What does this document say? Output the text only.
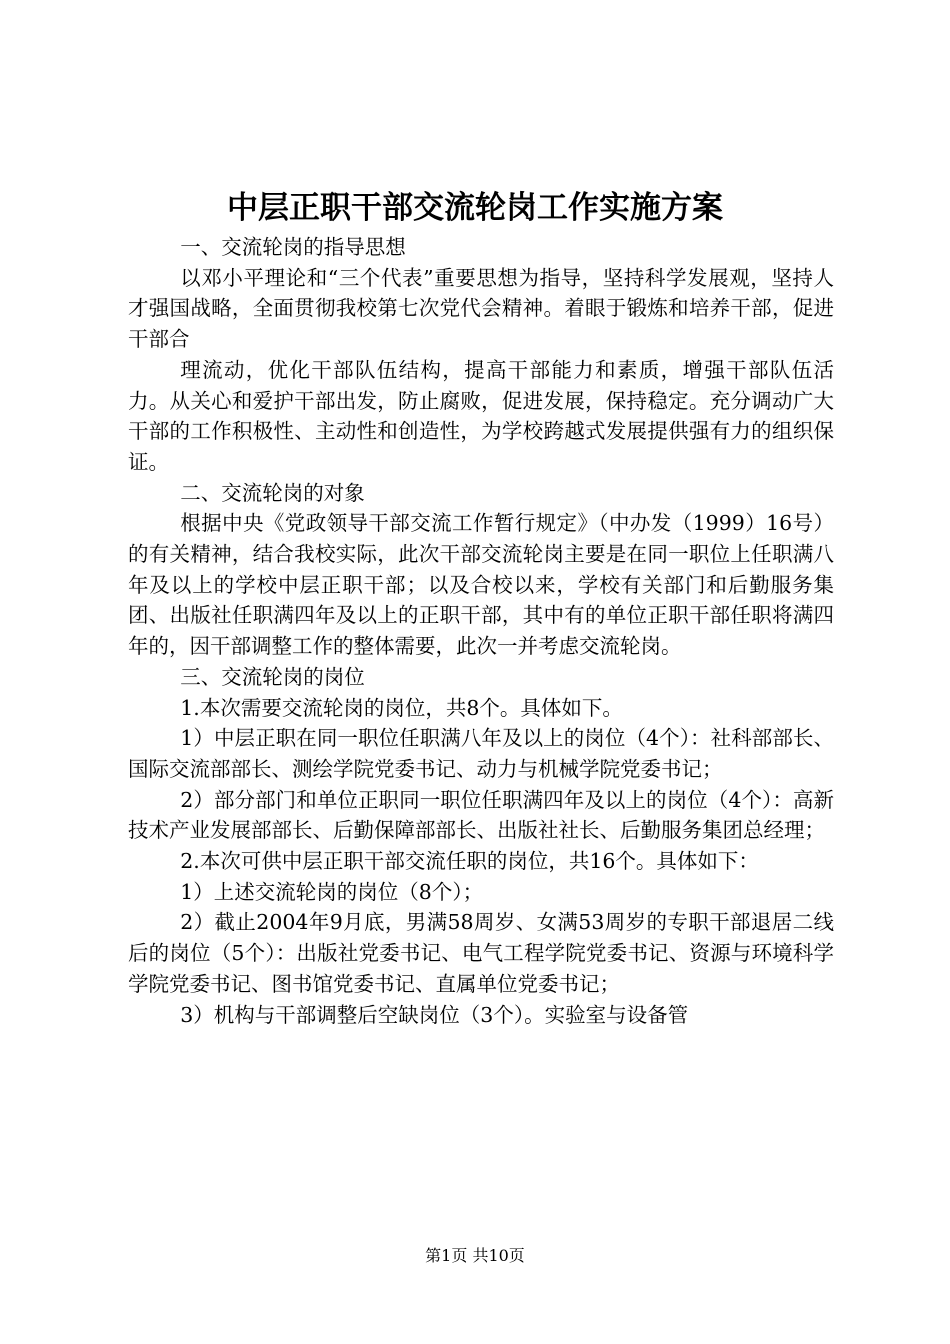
中层正职干部交流轮岗工作实施方案

一、交流轮岗的指导思想

以邓小平理论和“三个代表”重要思想为指导，坚持科学发展观，坚持人才强国战略，全面贯彻我校第七次党代会精神。着眼于锻炼和培养干部，促进干部合

理流动，优化干部队伍结构，提高干部能力和素质，增强干部队伍活力。从关心和爱护干部出发，防止腐败，促进发展，保持稳定。充分调动广大干部的工作积极性、主动性和创造性，为学校跨越式发展提供强有力的组织保证。

二、交流轮岗的对象

根据中央《党政领导干部交流工作暂行规定》（中办发（1999）16号）的有关精神，结合我校实际，此次干部交流轮岗主要是在同一职位上任职满八年及以上的学校中层正职干部；以及合校以来，学校有关部门和后勤服务集团、出版社任职满四年及以上的正职干部，其中有的单位正职干部任职将满四年的，因干部调整工作的整体需要，此次一并考虑交流轮岗。

三、交流轮岗的岗位

1.本次需要交流轮岗的岗位，共8个。具体如下。

1）中层正职在同一职位任职满八年及以上的岗位（4个）：社科部部长、国际交流部部长、测绘学院党委书记、动力与机械学院党委书记；

2）部分部门和单位正职同一职位任职满四年及以上的岗位（4个）：高新技术产业发展部部长、后勤保障部部长、出版社社长、后勤服务集团总经理；

2.本次可供中层正职干部交流任职的岗位，共16个。具体如下：

1）上述交流轮岗的岗位（8个）；

2）截止2004年9月底，男满58周岁、女满53周岁的专职干部退居二线后的岗位（5个）：出版社党委书记、电气工程学院党委书记、资源与环境科学学院党委书记、图书馆党委书记、直属单位党委书记；

3）机构与干部调整后空缺岗位（3个）。实验室与设备管

第1页 共10页
